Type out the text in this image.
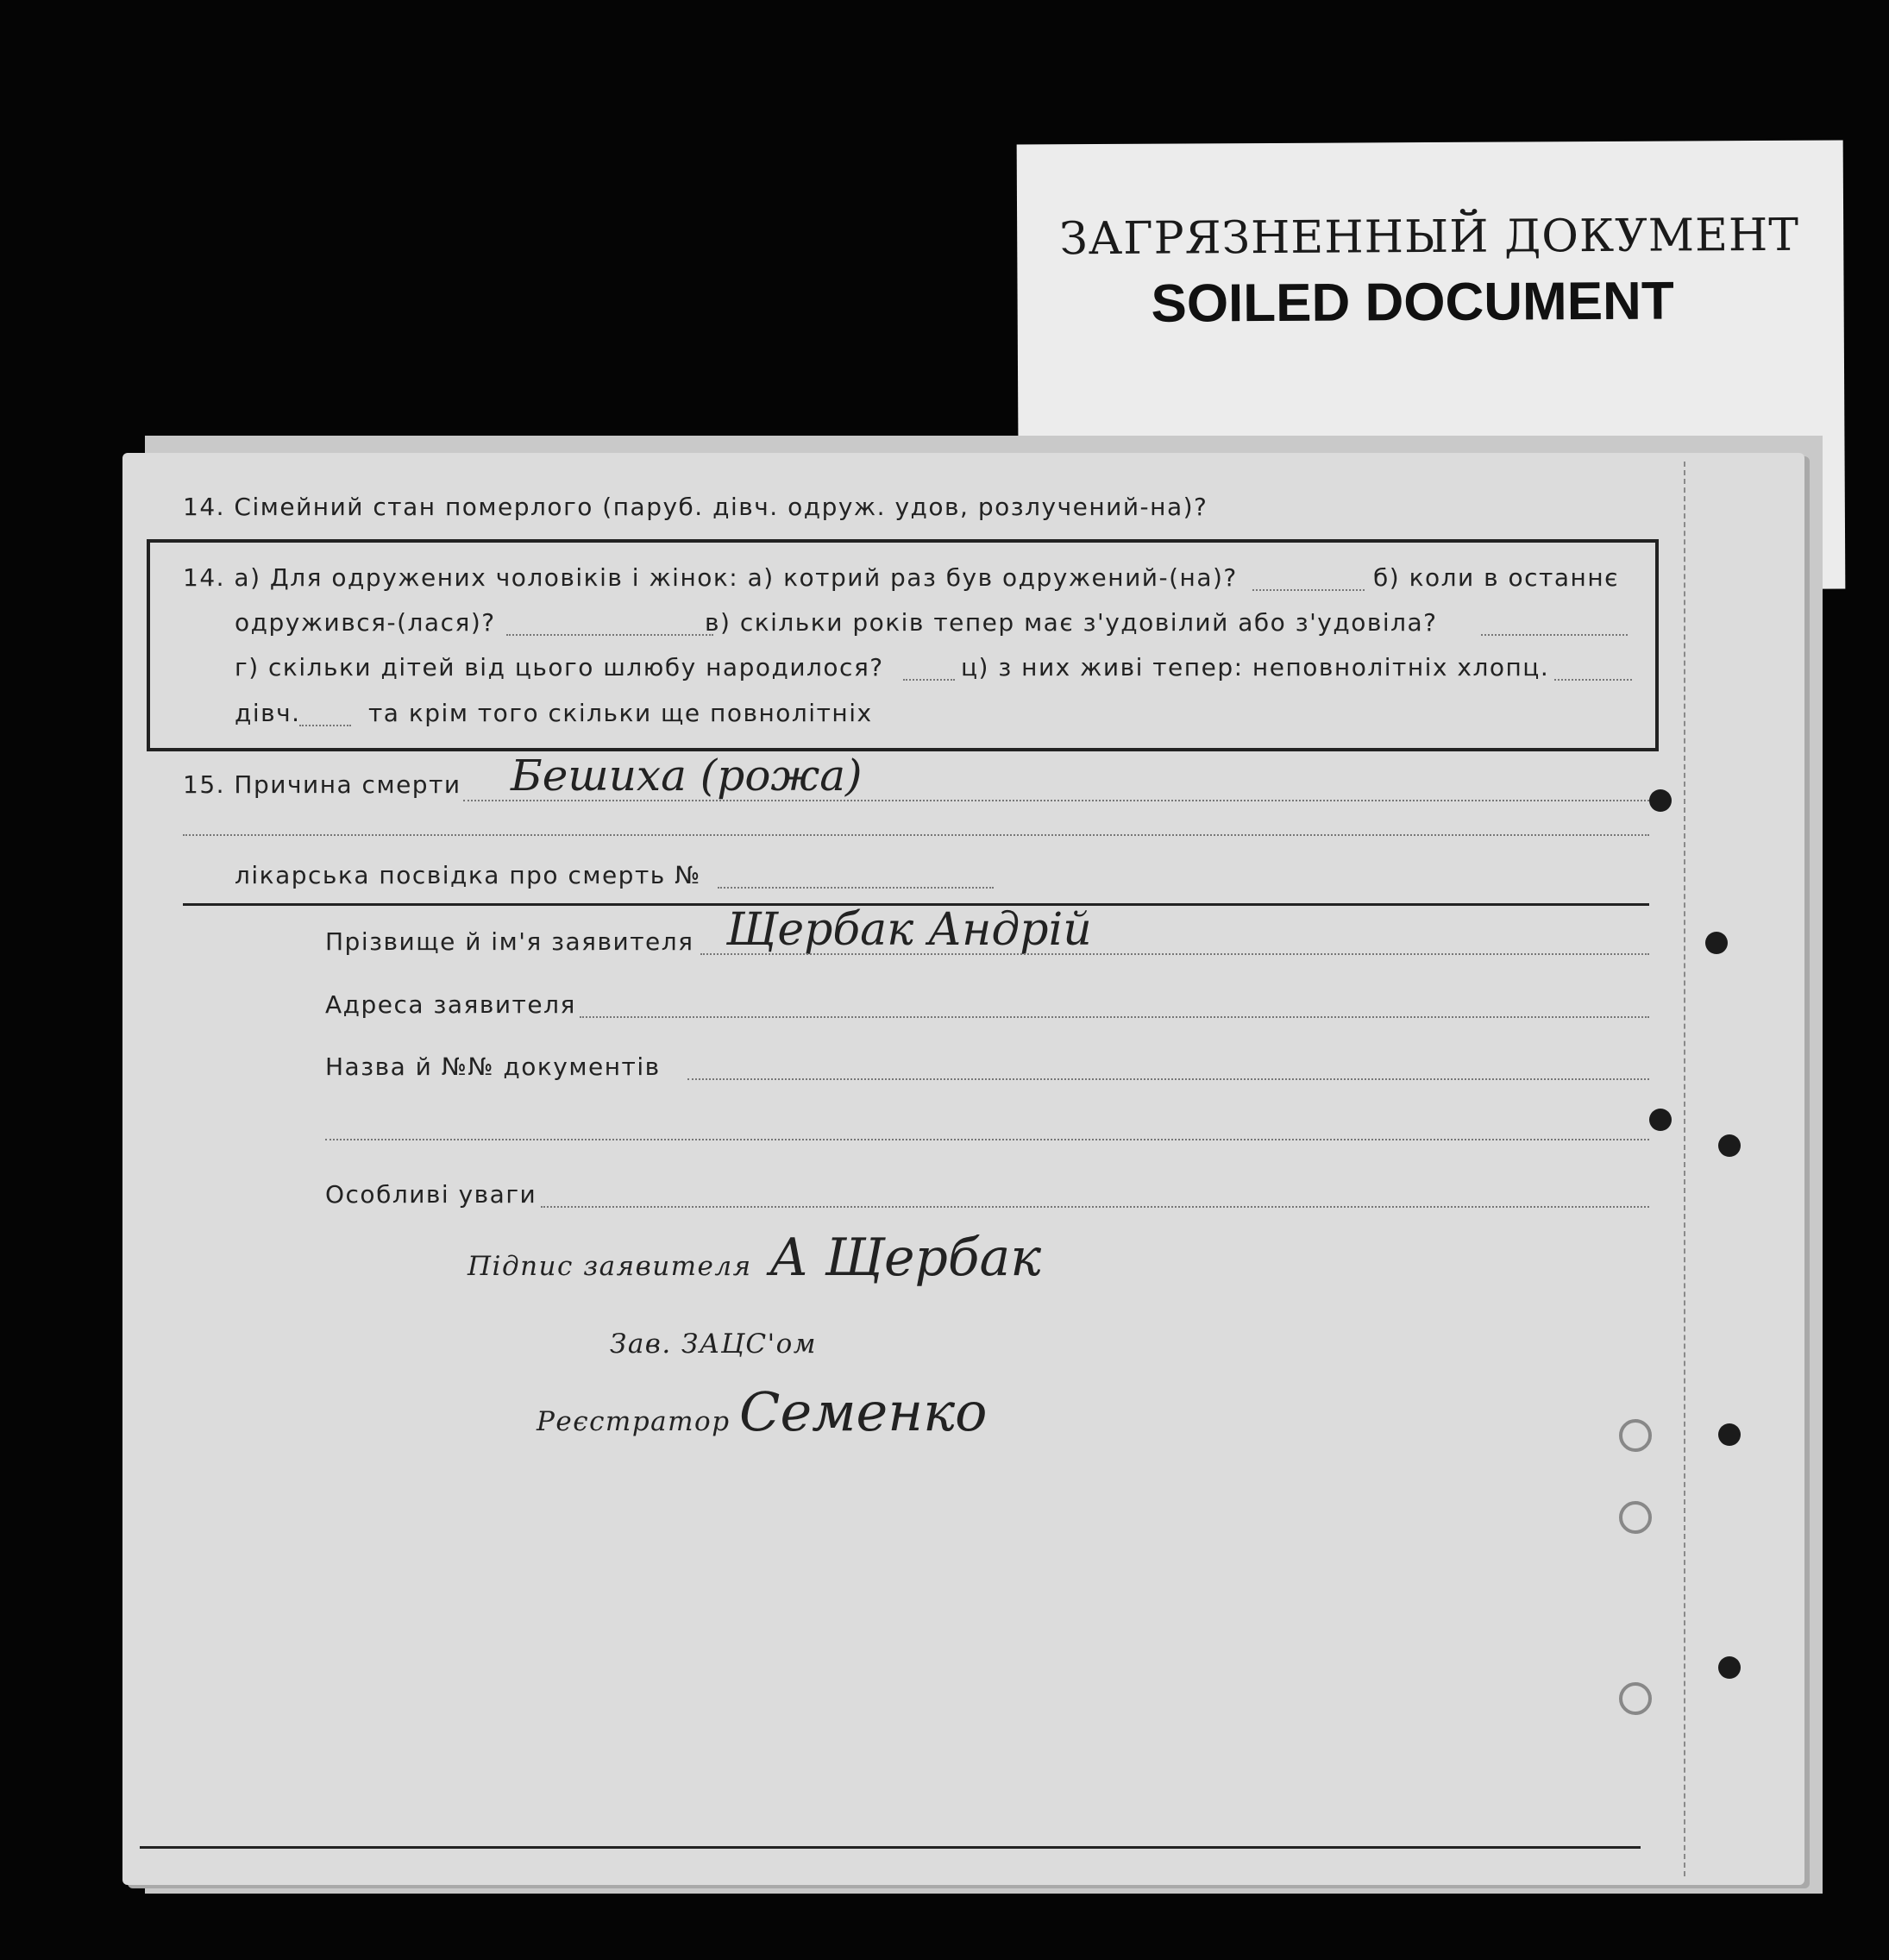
ЗАГРЯЗНЕННЫЙ ДОКУМЕНТ
SOILED DOCUMENT
14. Сімейний стан померлого (паруб. дівч. одруж. удов, розлучений-на)?
14. а) Для одружених чоловіків і жінок: а) котрий раз був одружений-(на)?	б) коли в останнє
одружився-(лася)?	в) скільки років тепер має з'удовілий або з'удовіла?
г) скільки дітей від цього шлюбу народилося?	ц) з них живі тепер: неповнолітніх хлопц.
дівч.	та крім того скільки ще повнолітніх
15. Причина смерти Бешиха (рожа)
лікарська посвідка про смерть №
Прізвище й ім'я заявителя Щербак Андрій
Адреса заявителя
Назва й №№ документів
Особливі уваги
Підпис заявителя А Щербак
Зав. ЗАЦС'ом
Реєстратор Семенко
